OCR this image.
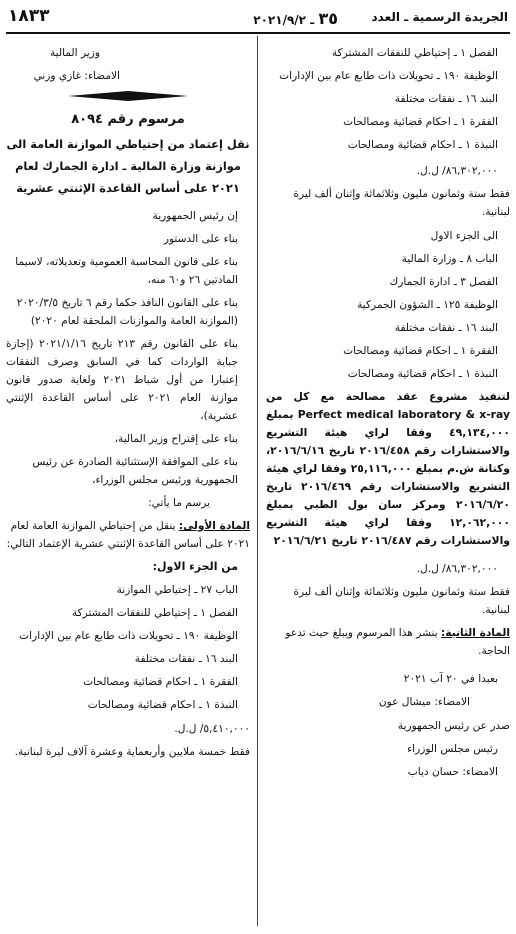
الجريدة الرسمية ـ العدد
٣٥ ـ ٢٠٢١/٩/٢
١٨٣٣

الفصل ١ ـ إحتياطي للنفقات المشتركة

الوظيفة ١٩٠ ـ تحويلات ذات طابع عام بين الإدارات

البند ١٦ ـ نفقات مختلفة

الفقرة ١ ـ احكام قضائية ومصالحات

النبذة ١ ـ احكام قضائية ومصالحات

٨٦,٣٠٢,٠٠٠/ ل.ل.

فقط ستة وثمانون مليون وثلاثمائة وإثنان ألف ليرة لبنانية.

الى الجزء الاول

الباب ٨ ـ وزارة المالية

الفصل ٣ ـ ادارة الجمارك

الوظيفة ١٢٥ ـ الشؤون الجمركية

البند ١٦ ـ نفقات مختلفة

الفقرة ١ ـ احكام قضائية ومصالحات

النبذة ١ ـ احكام قضائية ومصالحات

لتنفيذ مشروع عقد مصالحة مع كل من Perfect medical laboratory & x-ray بمبلغ ٤٩,١٣٤,٠٠٠ وفقا لراي هيئة التشريع والاستشارات رقم ٢٠١٦/٤٥٨ تاريخ ٢٠١٦/٦/١٦، وكتانة ش.م بمبلغ ٢٥,١١٦,٠٠٠ وفقا لراي هيئة التشريع والاستشارات رقم ٢٠١٦/٤٦٩ تاريخ ٢٠١٦/٦/٢٠ ومركز سان بول الطبي بمبلغ ١٢,٠٦٢,٠٠٠ وفقا لراي هيئة التشريع والاستشارات رقم ٢٠١٦/٤٨٧ تاريخ ٢٠١٦/٦/٢١

٨٦,٣٠٢,٠٠٠/ ل.ل.

فقط ستة وثمانون مليون وثلاثمائة وإثنان ألف ليرة لبنانية.

المادة الثانية: ينشر هذا المرسوم ويبلغ حيث تدعو الحاجة.

بعبدا في ٢٠ آب ٢٠٢١

الامضاء: ميشال عون

صدر عن رئيس الجمهورية

رئيس مجلس الوزراء

الامضاء: حسان دياب

وزير المالية

الامضاء: غازي وزني

مرسوم رقم ٨٠٩٤
نقل إعتماد من إحتياطي الموازنة العامة الى موازنة وزارة المالية ـ ادارة الجمارك لعام ٢٠٢١ على أساس القاعدة الإثنتي عشرية

إن رئيس الجمهورية

بناء على الدستور

بناء على قانون المحاسبة العمومية وتعديلاته، لاسيما المادتين ٢٦ و٦٠ منه،

بناء على القانون النافذ حكما رقم ٦ تاريخ ٢٠٢٠/٣/٥ (الموازنة العامة والموازنات الملحقة لعام ٢٠٢٠)

بناء على القانون رقم ٢١٣ تاريخ ٢٠٢١/١/١٦ (إجازة جباية الواردات كما في السابق وصرف النفقات إعتبارا من أول شباط ٢٠٢١ ولغاية صدور قانون موازنة العام ٢٠٢١ على أساس القاعدة الإثنتي عشرية)،

بناء على إقتراح وزير المالية،

بناء على الموافقة الإستثنائية الصادرة عن رئيس الجمهورية ورئيس مجلس الوزراء،

يرسم ما يأتي:

المادة الأولى: ينقل من إحتياطي الموازنة العامة لعام ٢٠٢١ على أساس القاعدة الإثنتي عشرية الإعتماد التالي:

من الجزء الاول:

الباب ٢٧ ـ إحتياطي الموازنة

الفصل ١ ـ إحتياطي للنفقات المشتركة

الوظيفة ١٩٠ ـ تحويلات ذات طابع عام بين الإدارات

البند ١٦ ـ نفقات مختلفة

الفقرة ١ ـ احكام قضائية ومصالحات

النبذة ١ ـ احكام قضائية ومصالحات

٥,٤١٠,٠٠٠/ ل.ل.

فقط خمسة ملايين وأربعماية وعشرة آلاف ليرة لبنانية.
